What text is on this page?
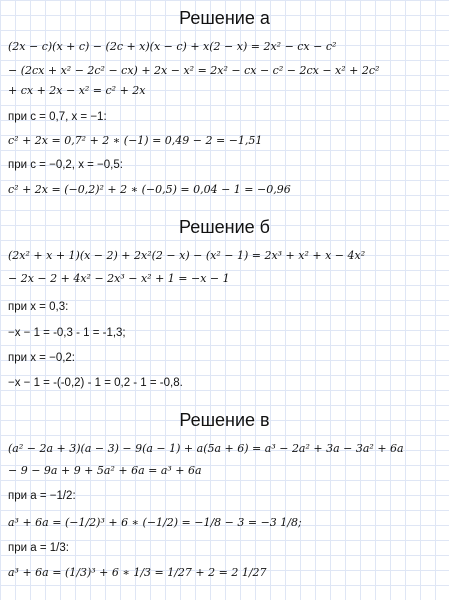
Решение а
(2x − c)(x + c) − (2c + x)(x − c) + x(2 − x) = 2x² − cx − c²
− (2cx + x² − 2c² − cx) + 2x − x² = 2x² − cx − c² − 2cx − x² + 2c²
+ cx + 2x − x² = c² + 2x
при c = 0,7, x = −1:
c² + 2x = 0,7² + 2 ∗ (−1) = 0,49 − 2 = −1,51
при c = −0,2, x = −0,5:
c² + 2x = (−0,2)² + 2 ∗ (−0,5) = 0,04 − 1 = −0,96
Решение б
(2x² + x + 1)(x − 2) + 2x²(2 − x) − (x² − 1) = 2x³ + x² + x − 4x²
− 2x − 2 + 4x² − 2x³ − x² + 1 = −x − 1
при x = 0,3:
−x − 1 = -0,3 - 1 = -1,3;
при x = −0,2:
−x − 1 = -(-0,2) - 1 = 0,2 - 1 = -0,8.
Решение в
(a² − 2a + 3)(a − 3) − 9(a − 1) + a(5a + 6) = a³ − 2a² + 3a − 3a² + 6a
− 9 − 9a + 9 + 5a² + 6a = a³ + 6a
при a = −1/2:
a³ + 6a = (−1/2)³ + 6 ∗ (−1/2) = −1/8 − 3 = −3 1/8;
при a = 1/3:
a³ + 6a = (1/3)³ + 6 ∗ 1/3 = 1/27 + 2 = 2 1/27
